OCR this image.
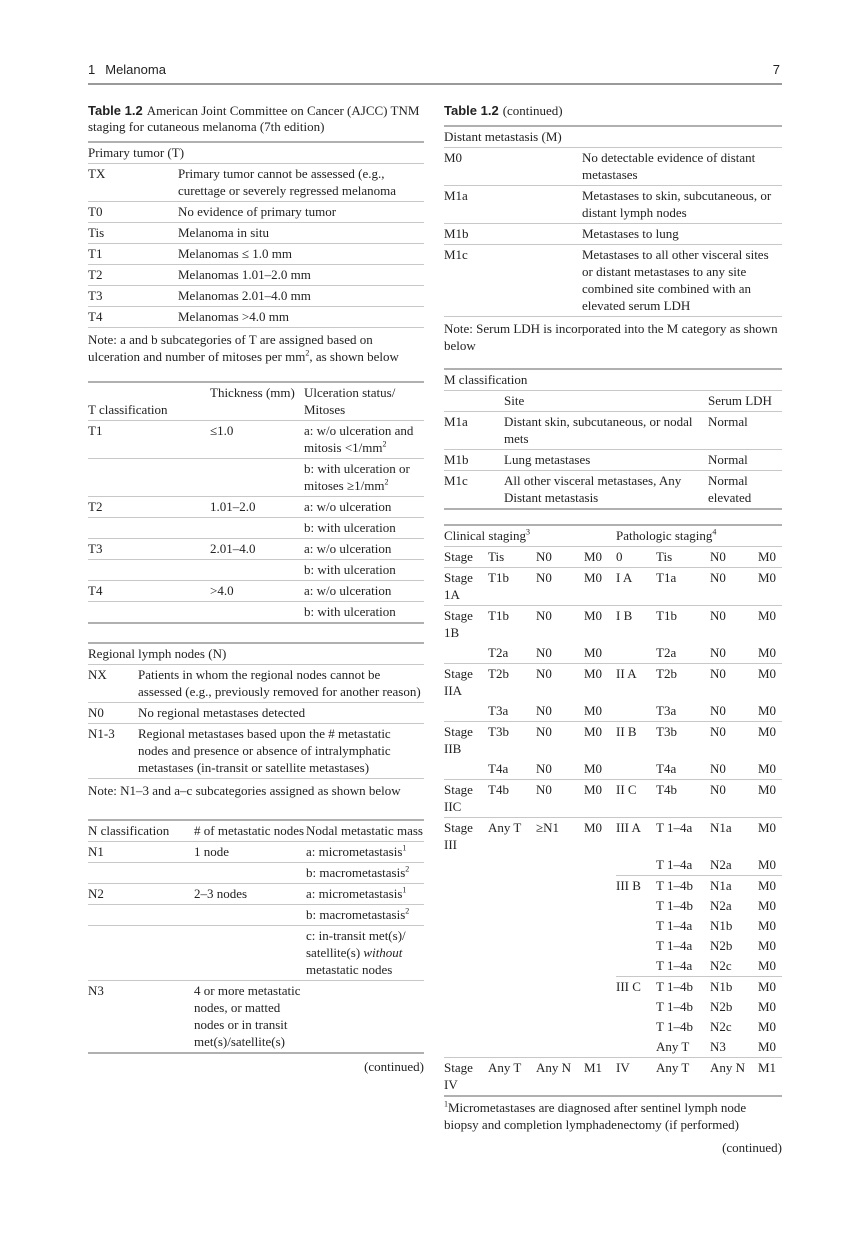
1 Melanoma	7
Table 1.2 American Joint Committee on Cancer (AJCC) TNM staging for cutaneous melanoma (7th edition)
Primary tumor (T)	
TX	Primary tumor cannot be assessed (e.g., curettage or severely regressed melanoma
T0	No evidence of primary tumor
Tis	Melanoma in situ
T1	Melanomas ≤ 1.0 mm
T2	Melanomas 1.01–2.0 mm
T3	Melanomas 2.01–4.0 mm
T4	Melanomas >4.0 mm
Note: a and b subcategories of T are assigned based on ulceration and number of mitoses per $mm^2$, as shown below	
T classification	Thickness (mm)	Ulceration status/ Mitoses
T1	≤1.0	a: w/o ulceration and mitosis $<1/mm^2$
		b: with ulceration or mitoses $\ge 1/mm^2$
T2	1.01–2.0	a: w/o ulceration
		b: with ulceration
T3	2.01–4.0	a: w/o ulceration
		b: with ulceration
T4	>4.0	a: w/o ulceration
		b: with ulceration

Regional lymph nodes (N)	
NX	Patients in whom the regional nodes cannot be assessed (e.g., previously removed for another reason)
N0	No regional metastases detected
N1-3	Regional metastases based upon the # metastatic nodes and presence or absence of intralymphatic metastases (in-transit or satellite metastases)
Note: N1–3 and a–c subcategories assigned as shown below	
N classification	# of metastatic nodes	Nodal metastatic mass
N1	1 node	a: micrometastasis$^1$
		b: macrometastasis$^2$
N2	2–3 nodes	a: micrometastasis$^1$
		b: macrometastasis$^2$
		c: in-transit met(s)/ satellite(s) without metastatic nodes
N3	4 or more metastatic nodes, or matted nodes or in transit met(s)/satellite(s)	

(continued)
Table 1.2 (continued)
Distant metastasis (M)	
M0	No detectable evidence of distant metastases
M1a	Metastases to skin, subcutaneous, or distant lymph nodes
M1b	Metastases to lung
M1c	Metastases to all other visceral sites or distant metastases to any site combined site combined with an elevated serum LDH
Note: Serum LDH is incorporated into the M category as shown below	
M classification		
	Site	Serum LDH
M1a	Distant skin, subcutaneous, or nodal mets	Normal
M1b	Lung metastases	Normal
M1c	All other visceral metastases, Any Distant metastasis	Normal elevated

Clinical staging$^3$				Pathologic staging$^4$
Stage	Tis	N0	M0	0	Tis	N0	M0
Stage 1A	T1b	N0	M0	I A	T1a	N0	M0
Stage 1B	T1b	N0	M0	I B	T1b	N0	M0
	T2a	N0	M0		T2a	N0	M0
Stage IIA	T2b	N0	M0	II A	T2b	N0	M0
	T3a	N0	M0		T3a	N0	M0
Stage IIB	T3b	N0	M0	II B	T3b	N0	M0
	T4a	N0	M0		T4a	N0	M0
Stage IIC	T4b	N0	M0	II C	T4b	N0	M0
Stage III	Any T	≥N1	M0	III A	T 1–4a	N1a	M0
					T 1–4a	N2a	M0
				III B	T 1–4b	N1a	M0
					T 1–4b	N2a	M0
					T 1–4a	N1b	M0
					T 1–4a	N2b	M0
					T 1–4a	N2c	M0
				III C	T 1–4b	N1b	M0
					T 1–4b	N2b	M0
					T 1–4b	N2c	M0
					Any T	N3	M0
Stage IV	Any T	Any N	M1	IV	Any T	Any N	M1

$^1$Micrometastases are diagnosed after sentinel lymph node biopsy and completion lymphadenectomy (if performed)
(continued)
